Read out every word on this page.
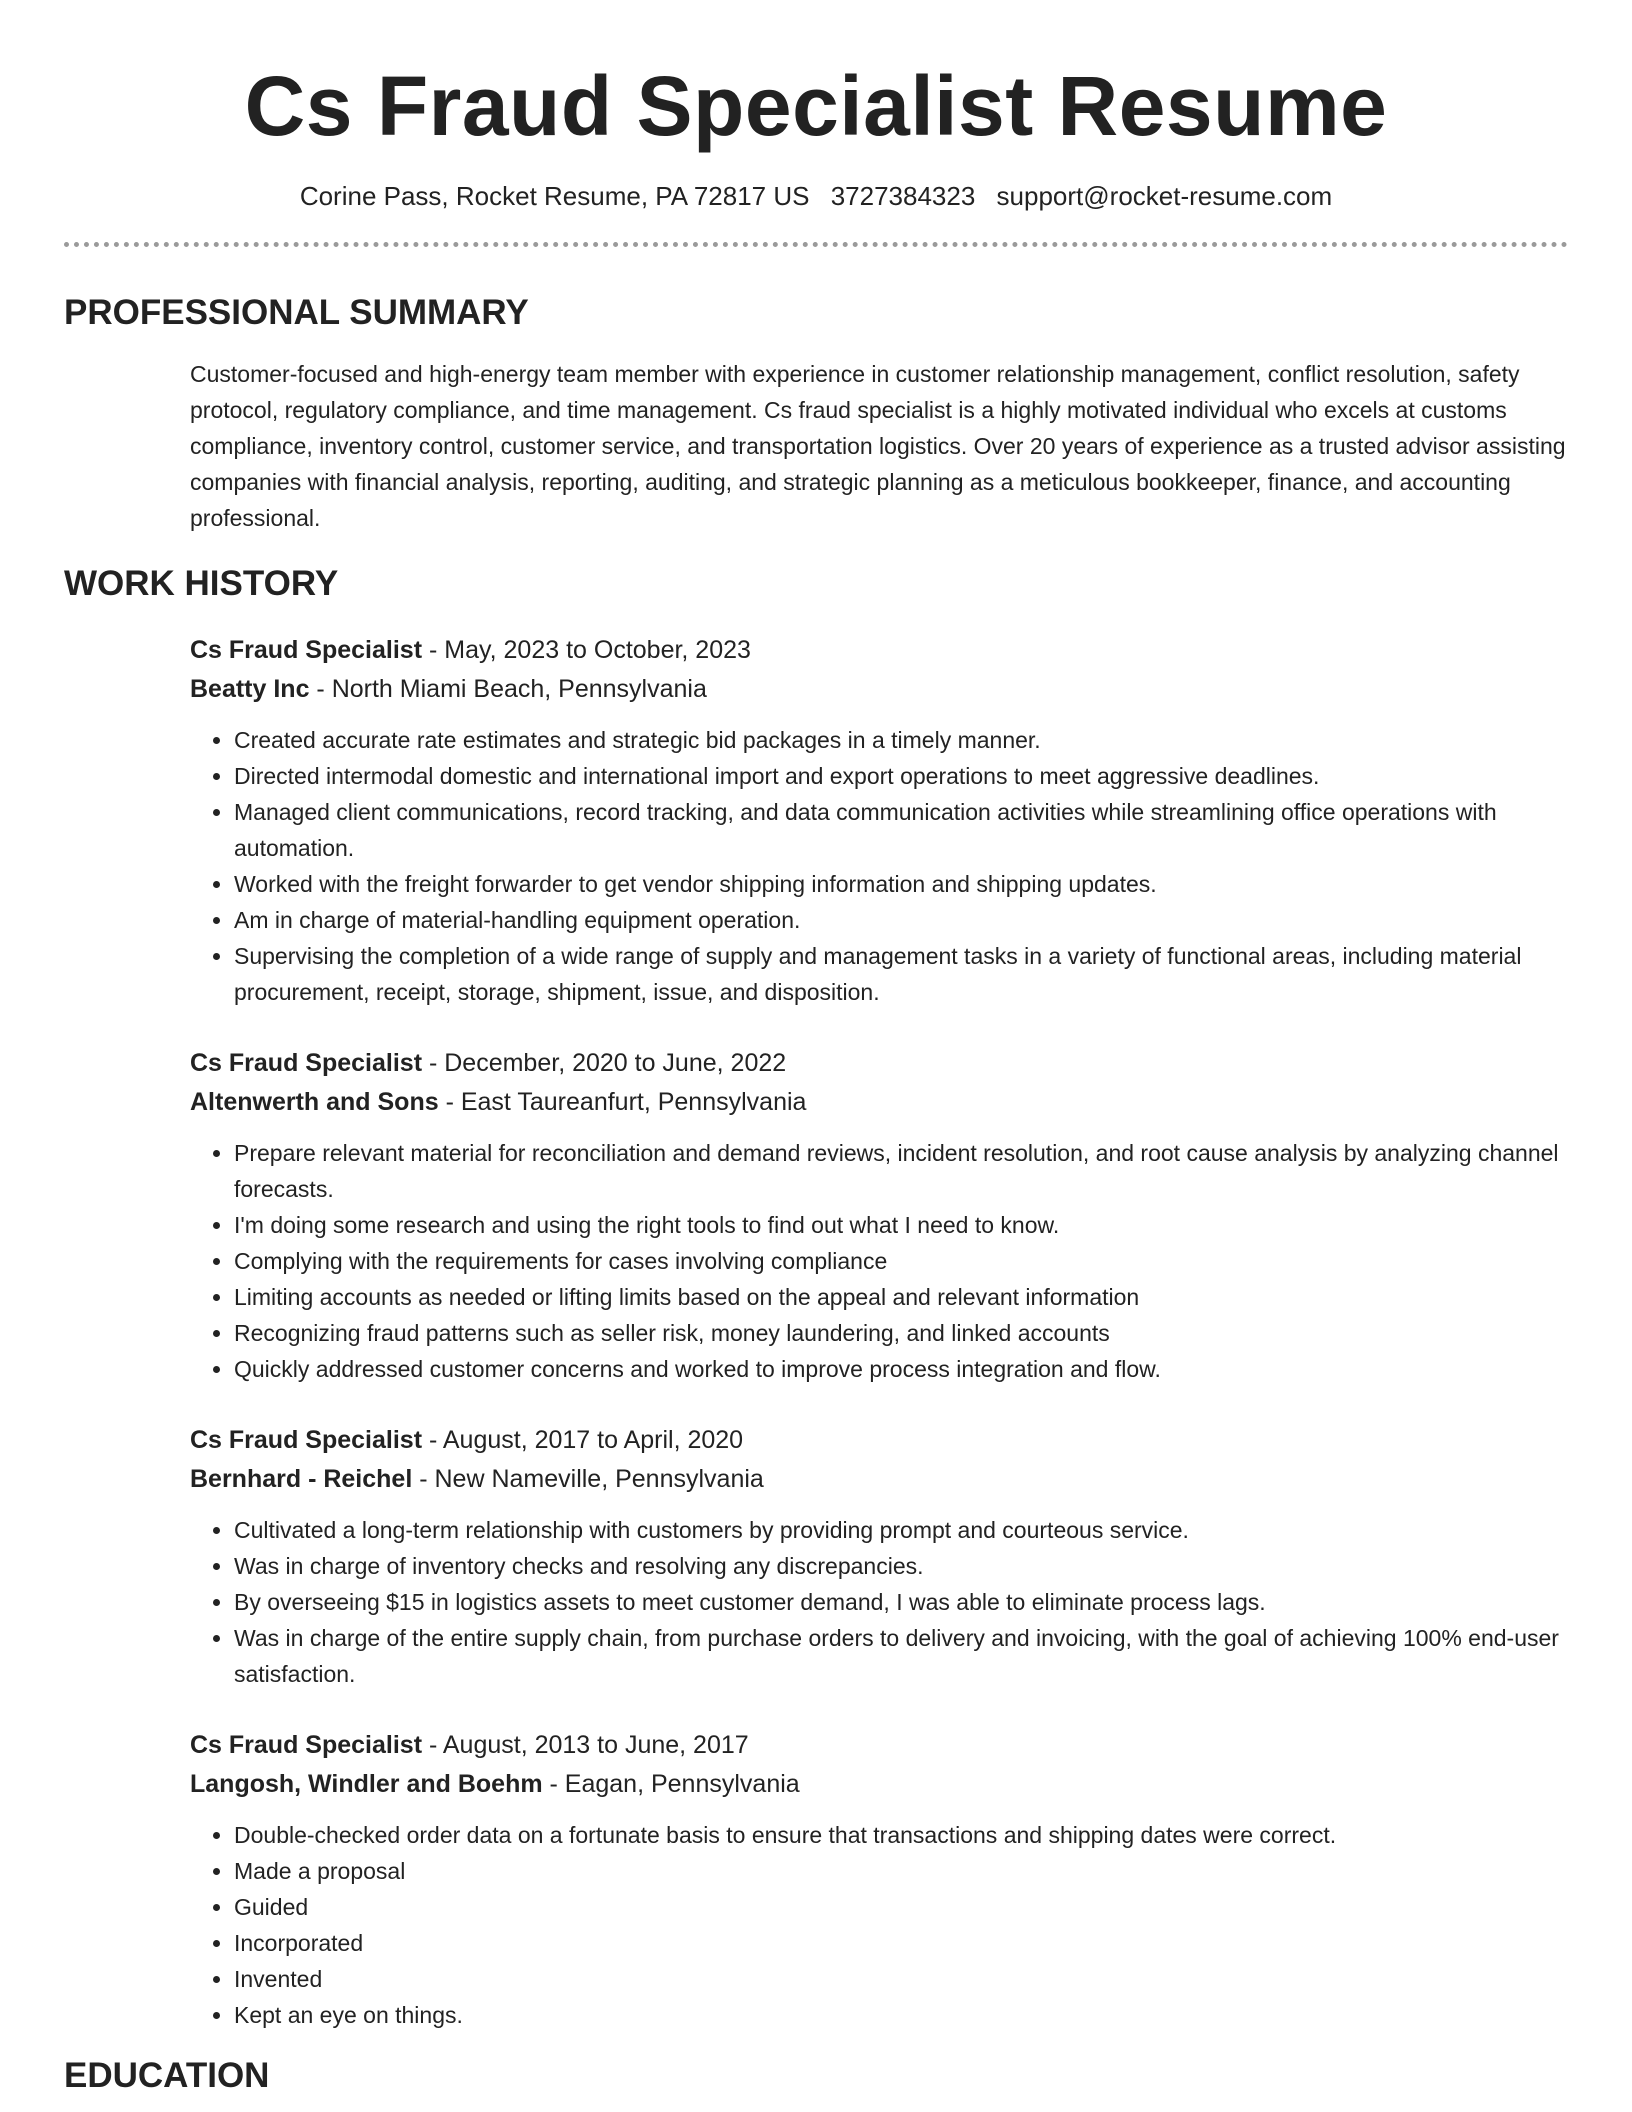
Cs Fraud Specialist Resume
Corine Pass, Rocket Resume, PA 72817 US 3727384323 support@rocket-resume.com
PROFESSIONAL SUMMARY

Customer-focused and high-energy team member with experience in customer relationship management, conflict resolution, safety protocol, regulatory compliance, and time management. Cs fraud specialist is a highly motivated individual who excels at customs compliance, inventory control, customer service, and transportation logistics. Over 20 years of experience as a trusted advisor assisting companies with financial analysis, reporting, auditing, and strategic planning as a meticulous bookkeeper, finance, and accounting professional.

WORK HISTORY
Cs Fraud Specialist - May, 2023 to October, 2023
Beatty Inc - North Miami Beach, Pennsylvania
• Created accurate rate estimates and strategic bid packages in a timely manner.
• Directed intermodal domestic and international import and export operations to meet aggressive deadlines.
• Managed client communications, record tracking, and data communication activities while streamlining office operations with automation.
• Worked with the freight forwarder to get vendor shipping information and shipping updates.
• Am in charge of material-handling equipment operation.
• Supervising the completion of a wide range of supply and management tasks in a variety of functional areas, including material procurement, receipt, storage, shipment, issue, and disposition.
Cs Fraud Specialist - December, 2020 to June, 2022
Altenwerth and Sons - East Taureanfurt, Pennsylvania
• Prepare relevant material for reconciliation and demand reviews, incident resolution, and root cause analysis by analyzing channel forecasts.
• I'm doing some research and using the right tools to find out what I need to know.
• Complying with the requirements for cases involving compliance
• Limiting accounts as needed or lifting limits based on the appeal and relevant information
• Recognizing fraud patterns such as seller risk, money laundering, and linked accounts
• Quickly addressed customer concerns and worked to improve process integration and flow.
Cs Fraud Specialist - August, 2017 to April, 2020
Bernhard - Reichel - New Nameville, Pennsylvania
• Cultivated a long-term relationship with customers by providing prompt and courteous service.
• Was in charge of inventory checks and resolving any discrepancies.
• By overseeing $15 in logistics assets to meet customer demand, I was able to eliminate process lags.
• Was in charge of the entire supply chain, from purchase orders to delivery and invoicing, with the goal of achieving 100% end-user satisfaction.
Cs Fraud Specialist - August, 2013 to June, 2017
Langosh, Windler and Boehm - Eagan, Pennsylvania
• Double-checked order data on a fortunate basis to ensure that transactions and shipping dates were correct.
• Made a proposal
• Guided
• Incorporated
• Invented
• Kept an eye on things.
EDUCATION
